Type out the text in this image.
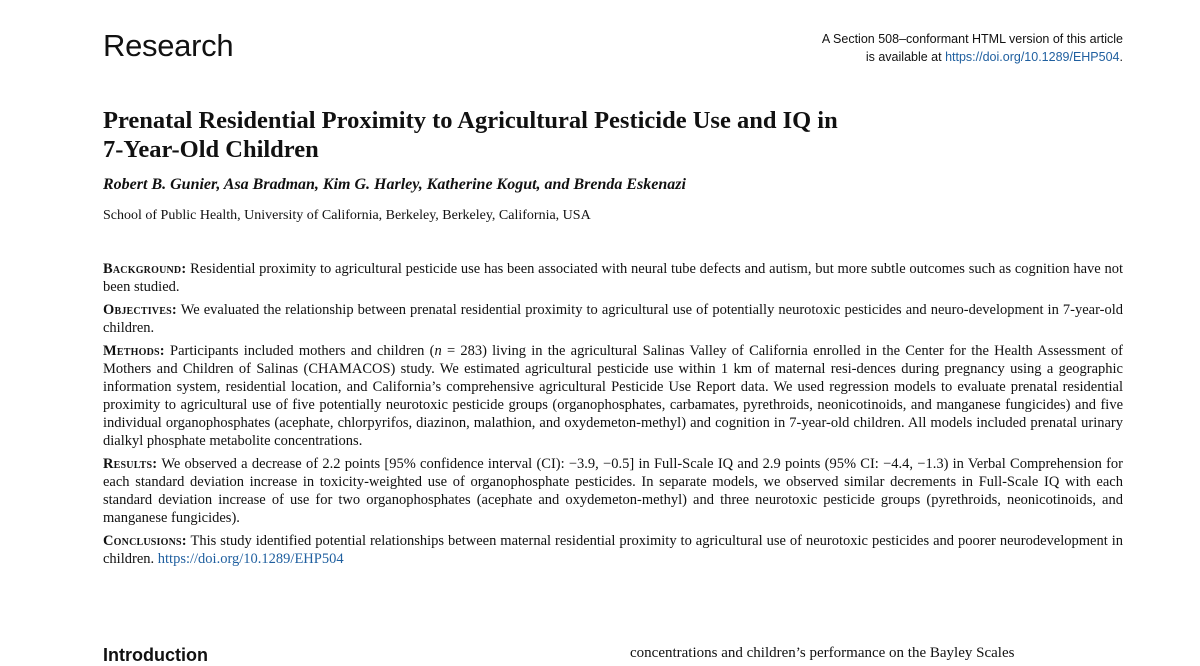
Research	A Section 508–conformant HTML version of this article
is available at https://doi.org/10.1289/EHP504.
Prenatal Residential Proximity to Agricultural Pesticide Use and IQ in
7-Year-Old Children
Robert B. Gunier, Asa Bradman, Kim G. Harley, Katherine Kogut, and Brenda Eskenazi
School of Public Health, University of California, Berkeley, Berkeley, California, USA

Background: Residential proximity to agricultural pesticide use has been associated with neural tube defects and autism, but more subtle outcomes such as cognition have not been studied.

Objectives: We evaluated the relationship between prenatal residential proximity to agricultural use of potentially neurotoxic pesticides and neuro-development in 7-year-old children.

Methods: Participants included mothers and children (n = 283) living in the agricultural Salinas Valley of California enrolled in the Center for the Health Assessment of Mothers and Children of Salinas (CHAMACOS) study. We estimated agricultural pesticide use within 1 km of maternal resi-dences during pregnancy using a geographic information system, residential location, and California’s comprehensive agricultural Pesticide Use Report data. We used regression models to evaluate prenatal residential proximity to agricultural use of five potentially neurotoxic pesticide groups (organophosphates, carbamates, pyrethroids, neonicotinoids, and manganese fungicides) and five individual organophosphates (acephate, chlorpyrifos, diazinon, malathion, and oxydemeton-methyl) and cognition in 7-year-old children. All models included prenatal urinary dialkyl phosphate metabolite concentrations.

Results: We observed a decrease of 2.2 points [95% confidence interval (CI): −3.9, −0.5] in Full-Scale IQ and 2.9 points (95% CI: −4.4, −1.3) in Verbal Comprehension for each standard deviation increase in toxicity-weighted use of organophosphate pesticides. In separate models, we observed similar decrements in Full-Scale IQ with each standard deviation increase of use for two organophosphates (acephate and oxydemeton-methyl) and three neurotoxic pesticide groups (pyrethroids, neonicotinoids, and manganese fungicides).

Conclusions: This study identified potential relationships between maternal residential proximity to agricultural use of neurotoxic pesticides and poorer neurodevelopment in children. https://doi.org/10.1289/EHP504

Introduction	concentrations and children’s performance on the Bayley Scales
